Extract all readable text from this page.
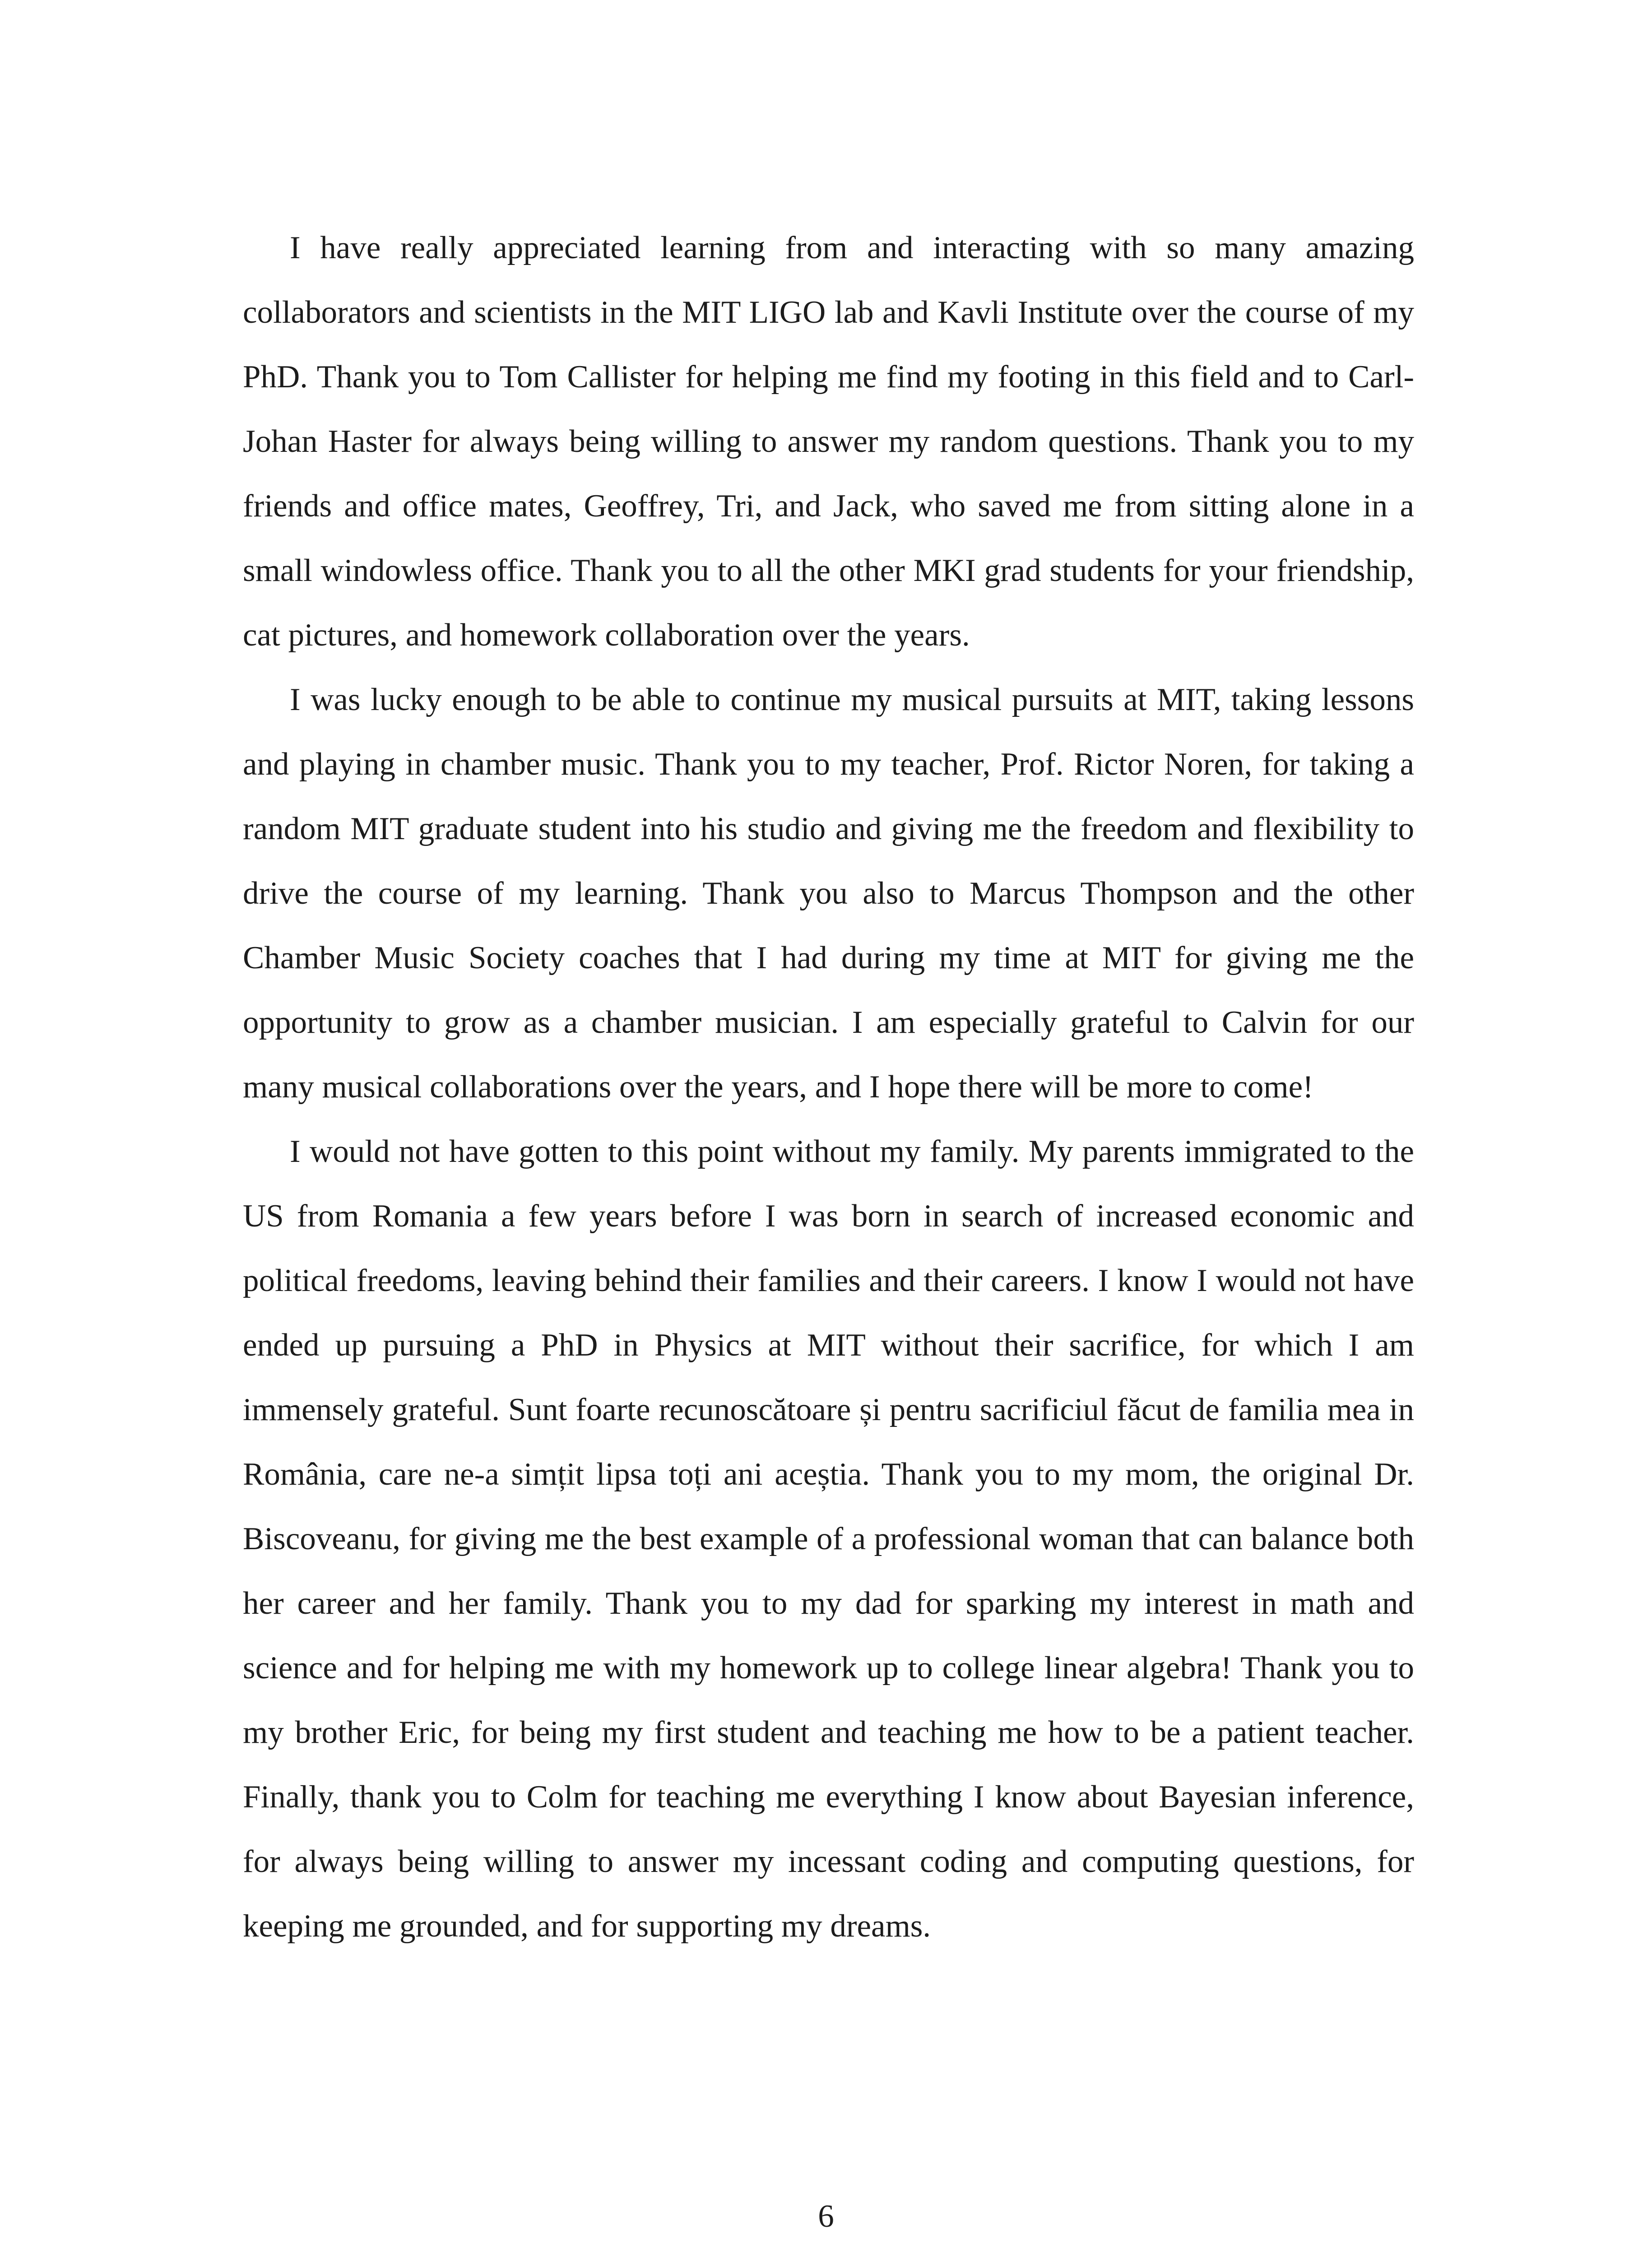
I have really appreciated learning from and interacting with so many amazing collaborators and scientists in the MIT LIGO lab and Kavli Institute over the course of my PhD. Thank you to Tom Callister for helping me find my footing in this field and to Carl-Johan Haster for always being willing to answer my random questions. Thank you to my friends and office mates, Geoffrey, Tri, and Jack, who saved me from sitting alone in a small windowless office. Thank you to all the other MKI grad students for your friendship, cat pictures, and homework collaboration over the years.

I was lucky enough to be able to continue my musical pursuits at MIT, taking lessons and playing in chamber music. Thank you to my teacher, Prof. Rictor Noren, for taking a random MIT graduate student into his studio and giving me the freedom and flexibility to drive the course of my learning. Thank you also to Marcus Thompson and the other Chamber Music Society coaches that I had during my time at MIT for giving me the opportunity to grow as a chamber musician. I am especially grateful to Calvin for our many musical collaborations over the years, and I hope there will be more to come!

I would not have gotten to this point without my family. My parents immigrated to the US from Romania a few years before I was born in search of increased economic and political freedoms, leaving behind their families and their careers. I know I would not have ended up pursuing a PhD in Physics at MIT without their sacrifice, for which I am immensely grateful. Sunt foarte recunoscătoare și pentru sacrificiul făcut de familia mea in România, care ne-a simțit lipsa toți ani aceștia. Thank you to my mom, the original Dr. Biscoveanu, for giving me the best example of a professional woman that can balance both her career and her family. Thank you to my dad for sparking my interest in math and science and for helping me with my homework up to college linear algebra! Thank you to my brother Eric, for being my first student and teaching me how to be a patient teacher. Finally, thank you to Colm for teaching me everything I know about Bayesian inference, for always being willing to answer my incessant coding and computing questions, for keeping me grounded, and for supporting my dreams.

6
